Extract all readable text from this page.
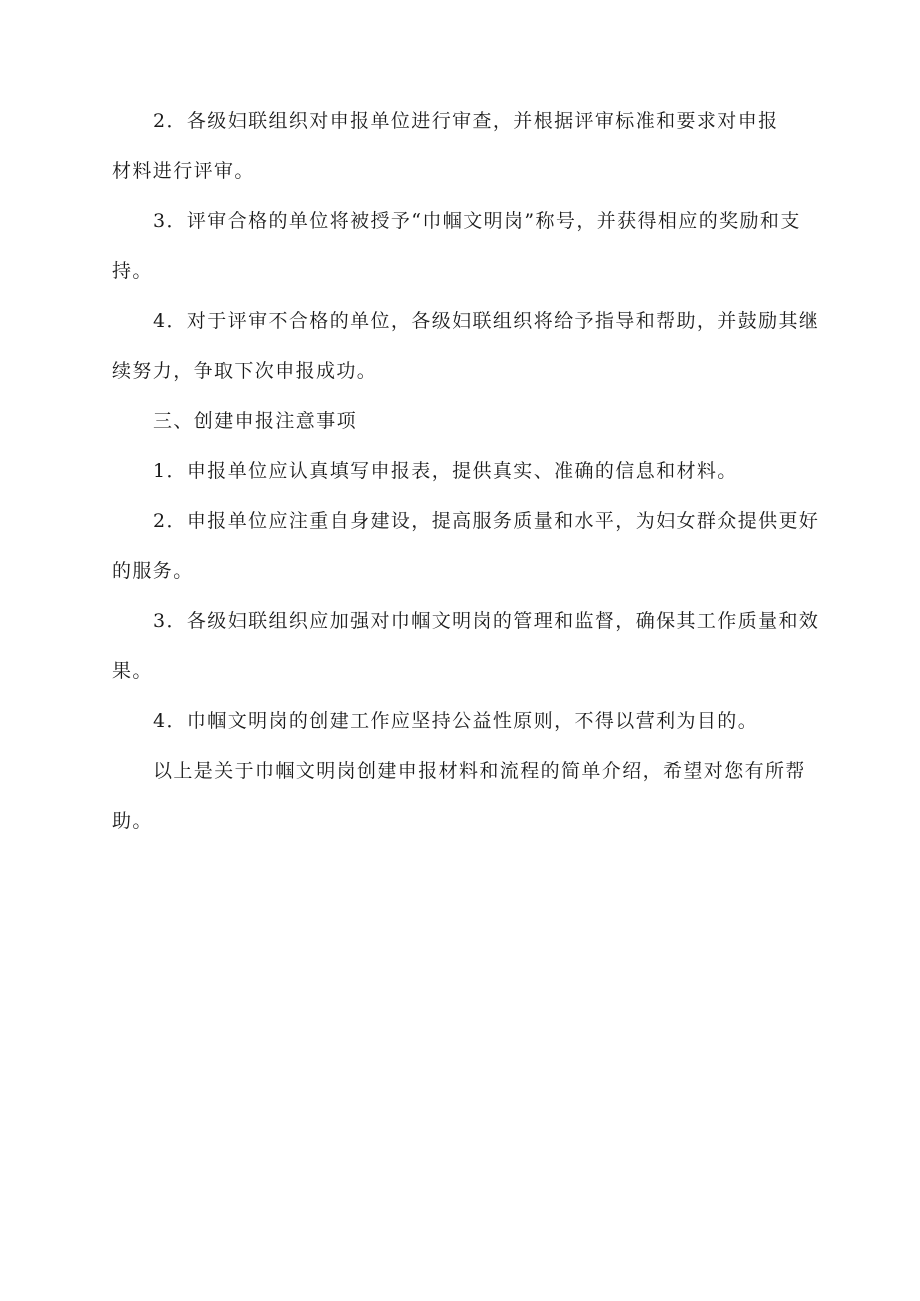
2．各级妇联组织对申报单位进行审查，并根据评审标准和要求对申报
材料进行评审。

3．评审合格的单位将被授予“巾帼文明岗”称号，并获得相应的奖励和支
持。

4．对于评审不合格的单位，各级妇联组织将给予指导和帮助，并鼓励其继
续努力，争取下次申报成功。

三、创建申报注意事项

1．申报单位应认真填写申报表，提供真实、准确的信息和材料。

2．申报单位应注重自身建设，提高服务质量和水平，为妇女群众提供更好
的服务。

3．各级妇联组织应加强对巾帼文明岗的管理和监督，确保其工作质量和效
果。

4．巾帼文明岗的创建工作应坚持公益性原则，不得以营利为目的。

以上是关于巾帼文明岗创建申报材料和流程的简单介绍，希望对您有所帮助。
